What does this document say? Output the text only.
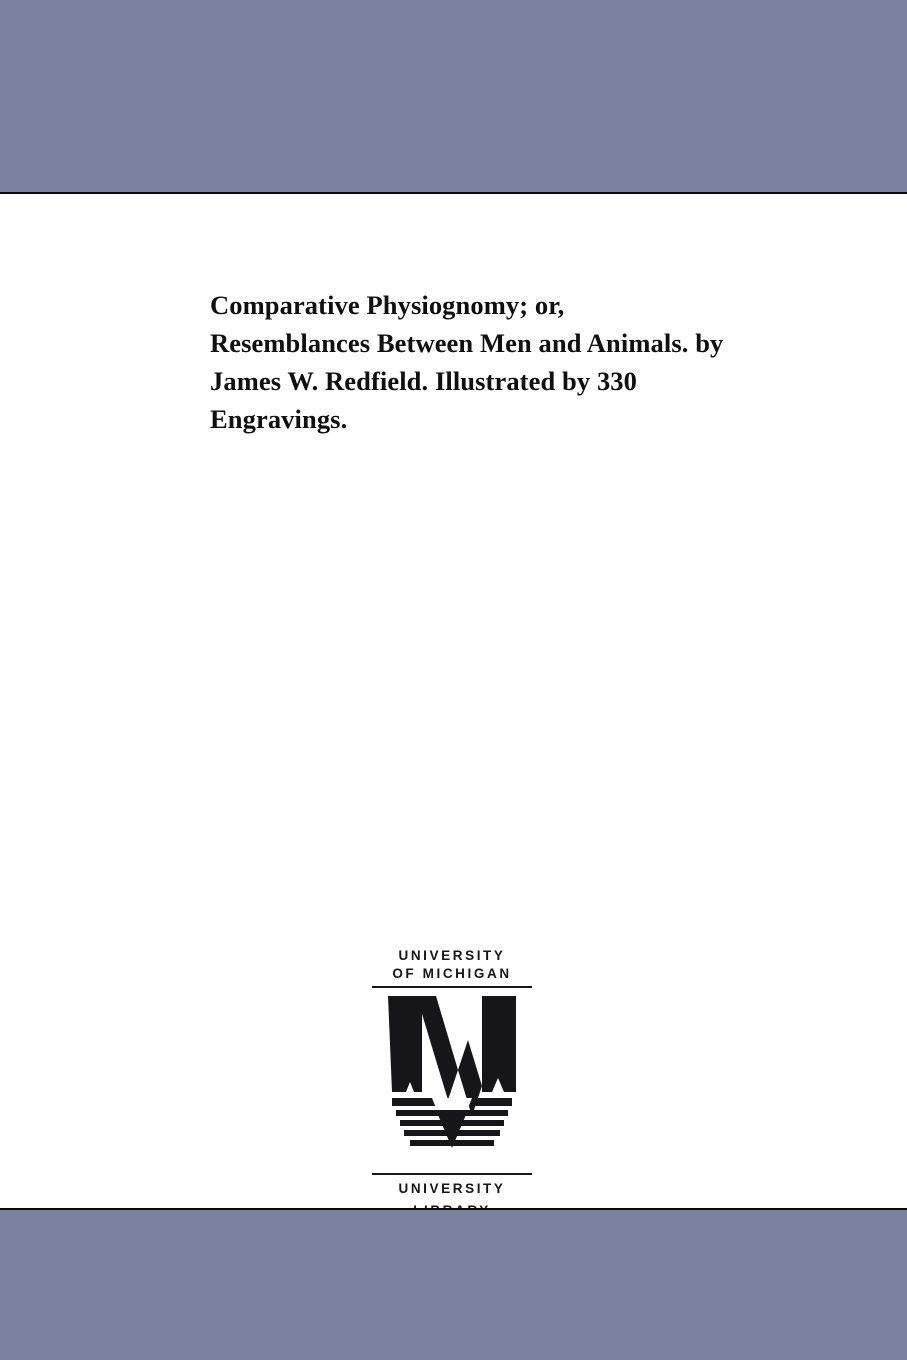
Comparative Physiognomy; or, Resemblances Between Men and Animals. by James W. Redfield. Illustrated by 330 Engravings.
UNIVERSITY
OF MICHIGAN
UNIVERSITY
